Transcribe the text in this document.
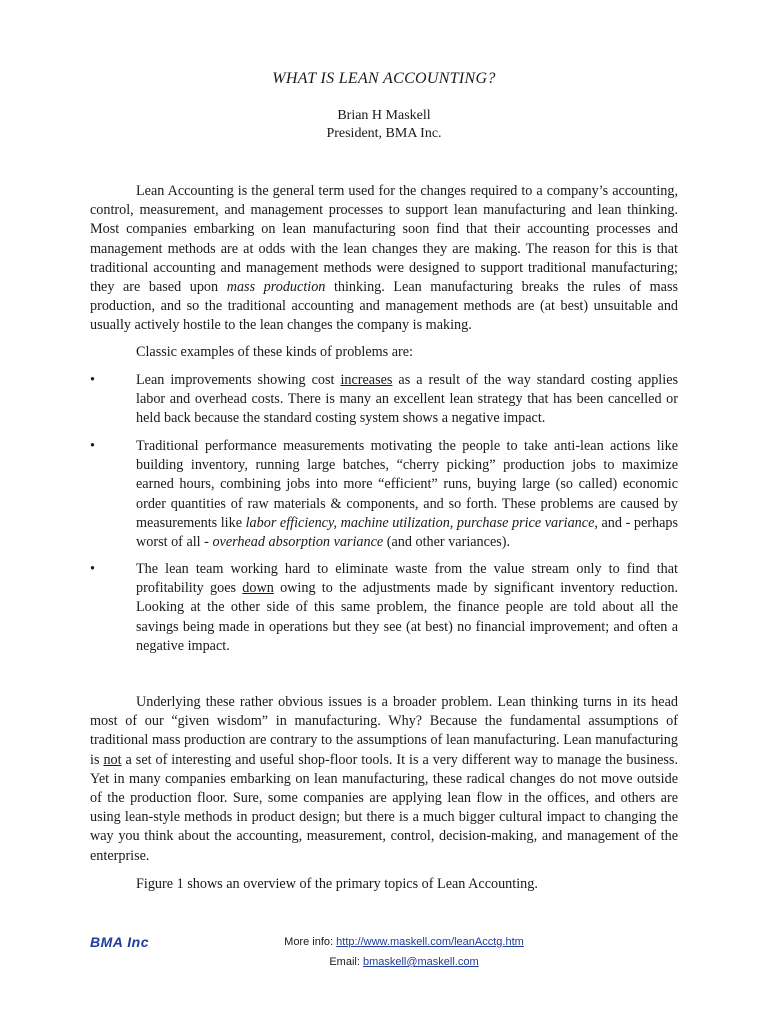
WHAT IS LEAN ACCOUNTING?
Brian H Maskell
President, BMA Inc.

Lean Accounting is the general term used for the changes required to a company’s accounting, control, measurement, and management processes to support lean manufacturing and lean thinking. Most companies embarking on lean manufacturing soon find that their accounting processes and management methods are at odds with the lean changes they are making. The reason for this is that traditional accounting and management methods were designed to support traditional manufacturing; they are based upon mass production thinking. Lean manufacturing breaks the rules of mass production, and so the traditional accounting and management methods are (at best) unsuitable and usually actively hostile to the lean changes the company is making.

Classic examples of these kinds of problems are:

•	Lean improvements showing cost increases as a result of the way standard costing applies labor and overhead costs. There is many an excellent lean strategy that has been cancelled or held back because the standard costing system shows a negative impact.
•	Traditional performance measurements motivating the people to take anti-lean actions like building inventory, running large batches, “cherry picking” production jobs to maximize earned hours, combining jobs into more “efficient” runs, buying large (so called) economic order quantities of raw materials & components, and so forth. These problems are caused by measurements like labor efficiency, machine utilization, purchase price variance, and - perhaps worst of all - overhead absorption variance (and other variances).
•	The lean team working hard to eliminate waste from the value stream only to find that profitability goes down owing to the adjustments made by significant inventory reduction. Looking at the other side of this same problem, the finance people are told about all the savings being made in operations but they see (at best) no financial improvement; and often a negative impact.

Underlying these rather obvious issues is a broader problem. Lean thinking turns in its head most of our “given wisdom” in manufacturing. Why? Because the fundamental assumptions of traditional mass production are contrary to the assumptions of lean manufacturing. Lean manufacturing is not a set of interesting and useful shop-floor tools. It is a very different way to manage the business. Yet in many companies embarking on lean manufacturing, these radical changes do not move outside of the production floor. Sure, some companies are applying lean flow in the offices, and others are using lean-style methods in product design; but there is a much bigger cultural impact to changing the way you think about the accounting, measurement, control, decision-making, and management of the enterprise.

Figure 1 shows an overview of the primary topics of Lean Accounting.

BMA Inc	More info: http://www.maskell.com/leanAcctg.htm
Email: bmaskell@maskell.com
